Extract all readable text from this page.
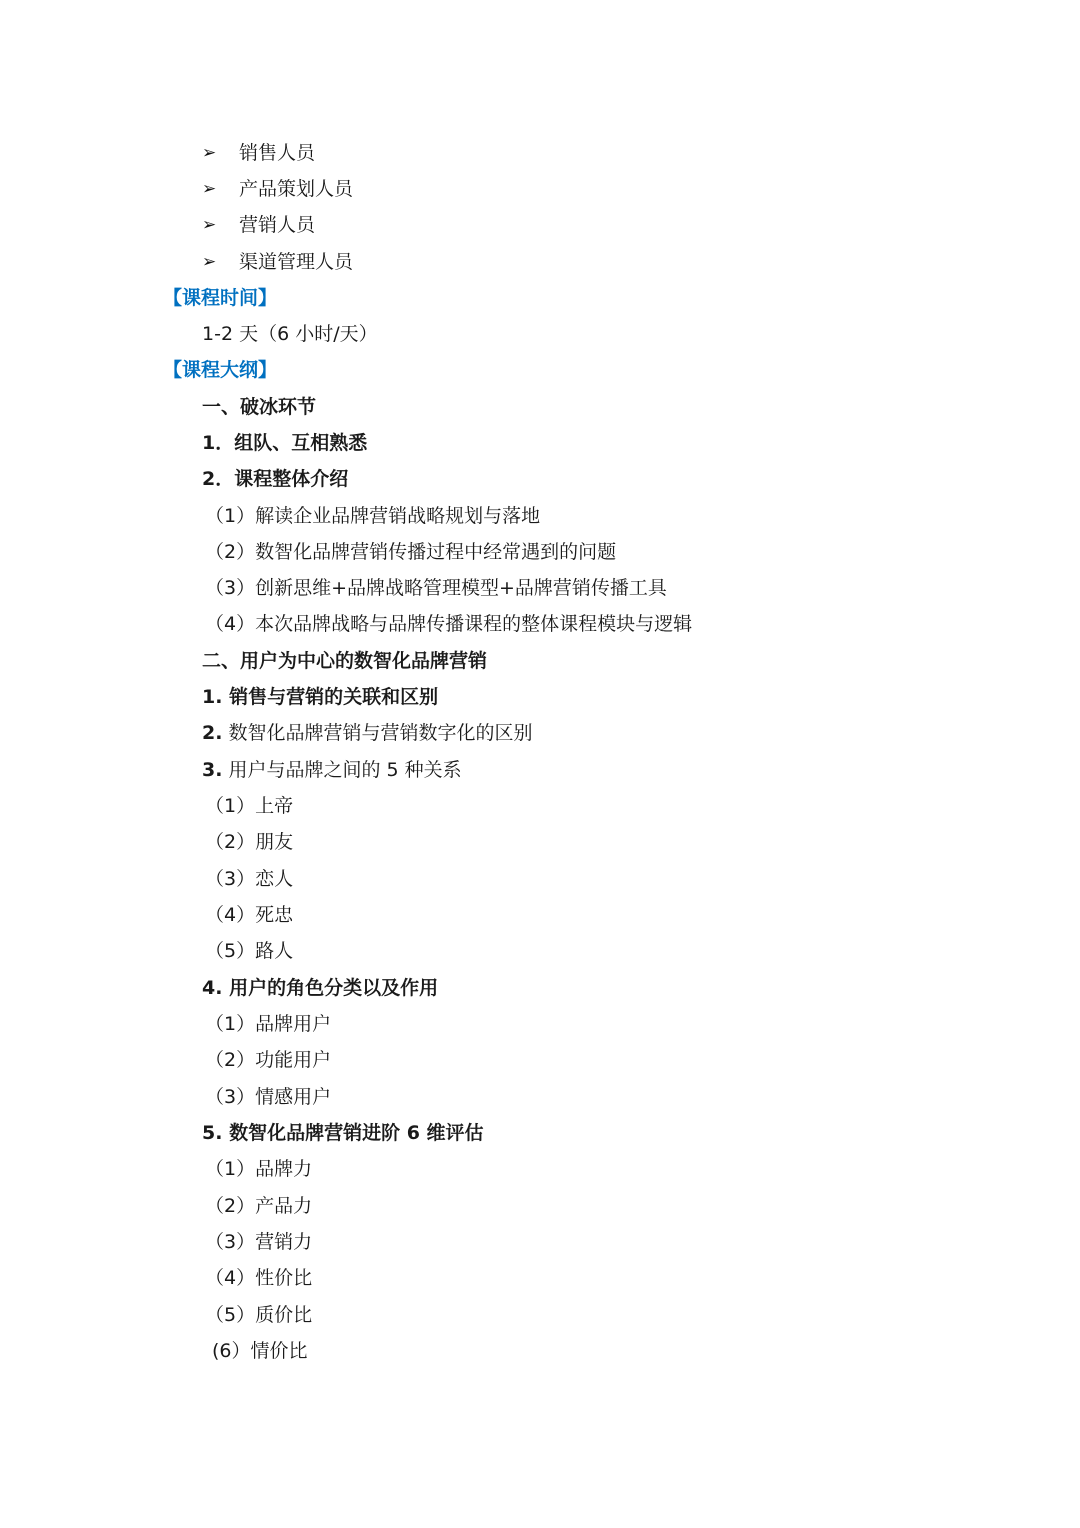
➢ 销售人员
➢ 产品策划人员
➢ 营销人员
➢ 渠道管理人员
【课程时间】
1-2 天（6 小时/天）
【课程大纲】
一、破冰环节
1．组队、互相熟悉
2．课程整体介绍
（1）解读企业品牌营销战略规划与落地
（2）数智化品牌营销传播过程中经常遇到的问题
（3）创新思维+品牌战略管理模型+品牌营销传播工具
（4）本次品牌战略与品牌传播课程的整体课程模块与逻辑
二、用户为中心的数智化品牌营销
1. 销售与营销的关联和区别
2. 数智化品牌营销与营销数字化的区别
3. 用户与品牌之间的 5 种关系
（1）上帝
（2）朋友
（3）恋人
（4）死忠
（5）路人
4. 用户的角色分类以及作用
（1）品牌用户
（2）功能用户
（3）情感用户
5. 数智化品牌营销进阶 6 维评估
（1）品牌力
（2）产品力
（3）营销力
（4）性价比
（5）质价比
(6）情价比
